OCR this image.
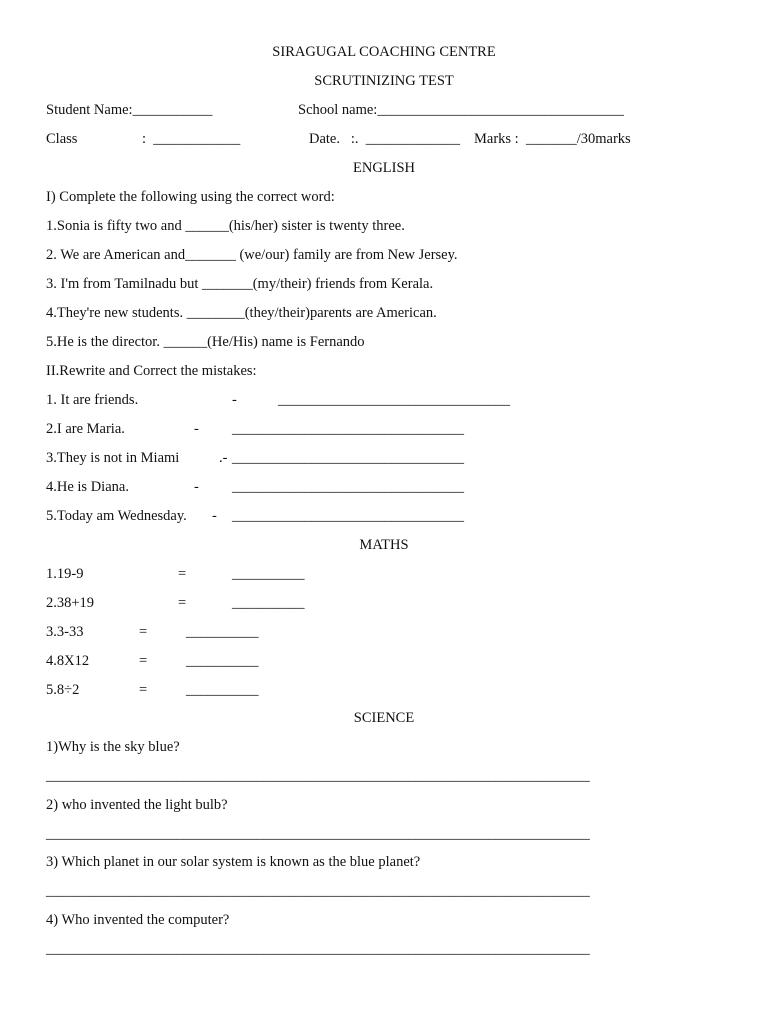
SIRAGUGAL COACHING CENTRE
SCRUTINIZING TEST
Student Name:___________	School name:__________________________________
Class	:  ____________	Date.   :.  _____________ Marks :  _______/30marks
ENGLISH
I) Complete the following using the correct word:
1.Sonia is fifty two and ______(his/her) sister is twenty three.
2. We are American and_______ (we/our) family are from New Jersey.
3. I'm from Tamilnadu but _______(my/their) friends from Kerala.
4.They're new students. ________(they/their)parents are American.
5.He is the director. ______(He/His) name is Fernando
II.Rewrite and Correct the mistakes:
1. It are friends.	-	________________________________
2.I are Maria.	- ________________________________
3.They is not in Miami	.- ________________________________
4.He is Diana.	- ________________________________
5.Today am Wednesday. - ________________________________
MATHS
1.19-9	=	__________
2.38+19	=	__________
3.3-33	=	__________
4.8X12	=	__________
5.8÷2	=	__________
SCIENCE
1)Why is the sky blue?
___________________________________________________________________________
2) who invented the light bulb?
___________________________________________________________________________
3) Which planet in our solar system is known as the blue planet?
___________________________________________________________________________
4) Who invented the computer?
___________________________________________________________________________
